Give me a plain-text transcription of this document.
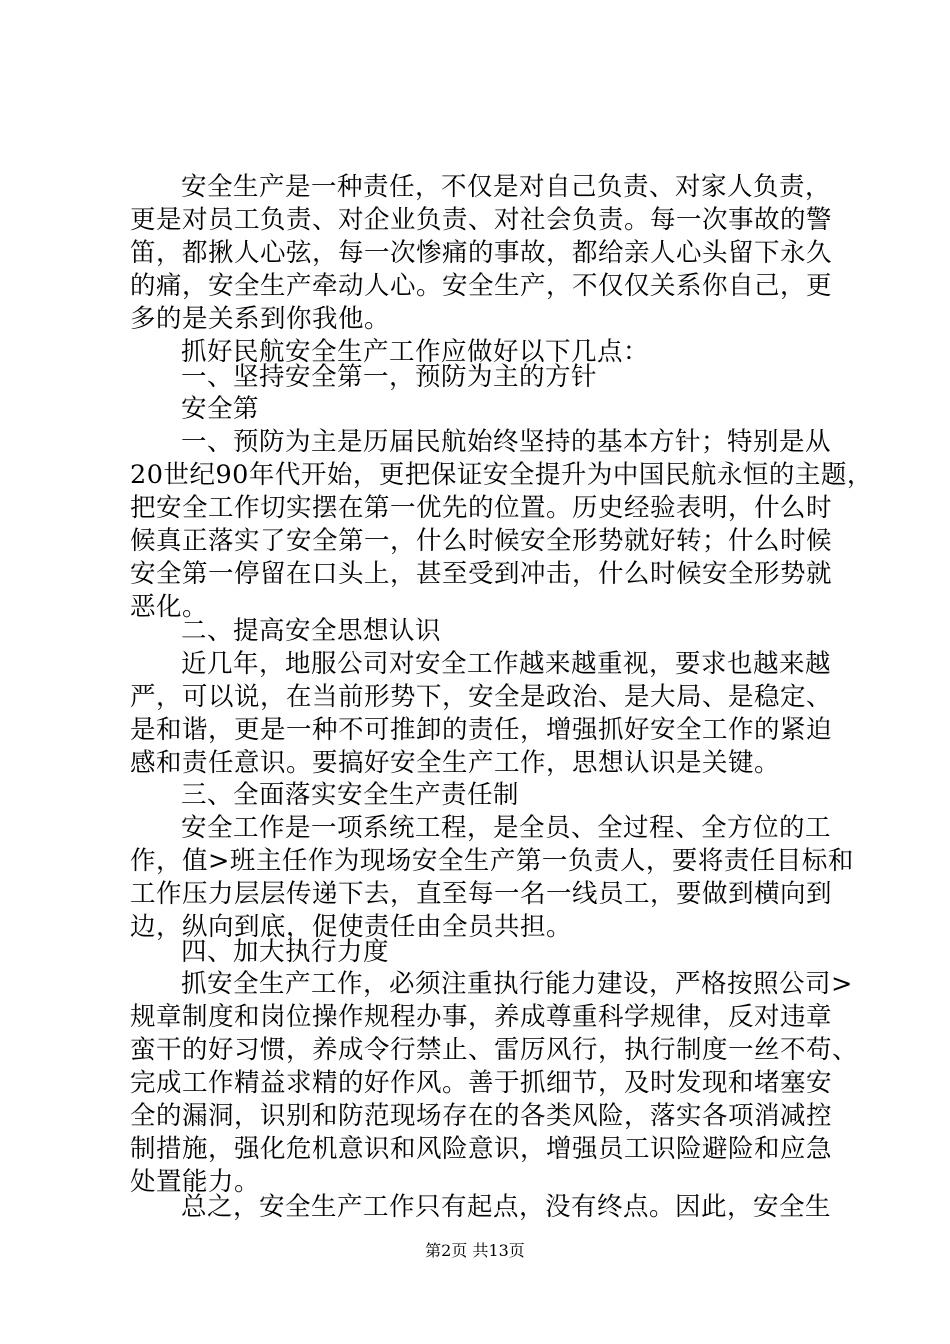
安全生产是一种责任，不仅是对自己负责、对家人负责，
更是对员工负责、对企业负责、对社会负责。每一次事故的警
笛，都揪人心弦，每一次惨痛的事故，都给亲人心头留下永久
的痛，安全生产牵动人心。安全生产，不仅仅关系你自己，更
多的是关系到你我他。
抓好民航安全生产工作应做好以下几点：
一、坚持安全第一，预防为主的方针
安全第
一、预防为主是历届民航始终坚持的基本方针；特别是从
20世纪90年代开始，更把保证安全提升为中国民航永恒的主题，
把安全工作切实摆在第一优先的位置。历史经验表明，什么时
候真正落实了安全第一，什么时候安全形势就好转；什么时候
安全第一停留在口头上，甚至受到冲击，什么时候安全形势就
恶化。
二、提高安全思想认识
近几年，地服公司对安全工作越来越重视，要求也越来越
严，可以说，在当前形势下，安全是政治、是大局、是稳定、
是和谐，更是一种不可推卸的责任，增强抓好安全工作的紧迫
感和责任意识。要搞好安全生产工作，思想认识是关键。
三、全面落实安全生产责任制
安全工作是一项系统工程，是全员、全过程、全方位的工
作，值>班主任作为现场安全生产第一负责人，要将责任目标和
工作压力层层传递下去，直至每一名一线员工，要做到横向到
边，纵向到底，促使责任由全员共担。
四、加大执行力度
抓安全生产工作，必须注重执行能力建设，严格按照公司>
规章制度和岗位操作规程办事，养成尊重科学规律，反对违章
蛮干的好习惯，养成令行禁止、雷厉风行，执行制度一丝不苟、
完成工作精益求精的好作风。善于抓细节，及时发现和堵塞安
全的漏洞，识别和防范现场存在的各类风险，落实各项消减控
制措施，强化危机意识和风险意识，增强员工识险避险和应急
处置能力。
总之，安全生产工作只有起点，没有终点。因此，安全生
第2页 共13页
